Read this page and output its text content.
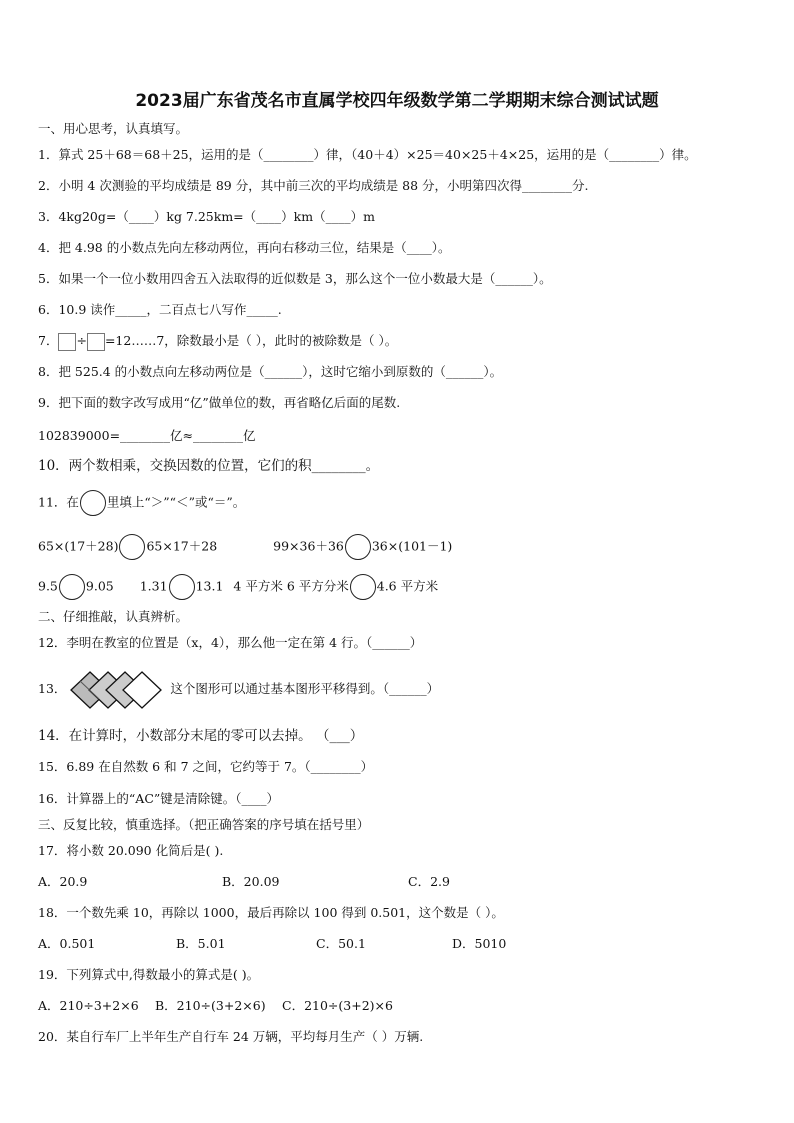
2023届广东省茂名市直属学校四年级数学第二学期期末综合测试试题
一、用心思考，认真填写。
1．算式 25＋68＝68＋25，运用的是（________）律，（40＋4）×25＝40×25＋4×25，运用的是（________）律。
2．小明 4 次测验的平均成绩是 89 分，其中前三次的平均成绩是 88 分，小明第四次得________分.
3．4kg20g=（____）kg 7.25km=（____）km（____）m
4．把 4.98 的小数点先向左移动两位，再向右移动三位，结果是（____）。
5．如果一个一位小数用四舍五入法取得的近似数是 3，那么这个一位小数最大是（______）。
6．10.9 读作_____，二百点七八写作_____.
7． ÷ =12……7，除数最小是（ ），此时的被除数是（ ）。
8．把 525.4 的小数点向左移动两位是（______），这时它缩小到原数的（______）。
9．把下面的数字改写成用“亿”做单位的数，再省略亿后面的尾数.
102839000=________亿≈________亿
10．两个数相乘，交换因数的位置，它们的积________。
11．在 里填上“＞”“＜”或“＝”。
65×(17＋28) 65×17＋28	99×36＋36 36×(101－1)
9.5 9.05 1.31 13.1 4 平方米 6 平方分米 4.6 平方米
二、仔细推敲，认真辨析。
12．李明在教室的位置是（x，4），那么他一定在第 4 行。（______）
13．	这个图形可以通过基本图形平移得到。（______）
14．在计算时，小数部分末尾的零可以去掉。 （___）
15．6.89 在自然数 6 和 7 之间，它约等于 7。（________）
16．计算器上的“AC”键是清除键。（____）
三、反复比较，慎重选择。（把正确答案的序号填在括号里）
17．将小数 20.090 化简后是( ).
A．20.9	B．20.09	C．2.9
18．一个数先乘 10，再除以 1000，最后再除以 100 得到 0.501，这个数是（ ）。
A．0.501	B．5.01	C．50.1	D．5010
19．下列算式中,得数最小的算式是( )。
A．210÷3+2×6 B．210÷(3+2×6) C．210÷(3+2)×6
20．某自行车厂上半年生产自行车 24 万辆，平均每月生产（ ）万辆.
